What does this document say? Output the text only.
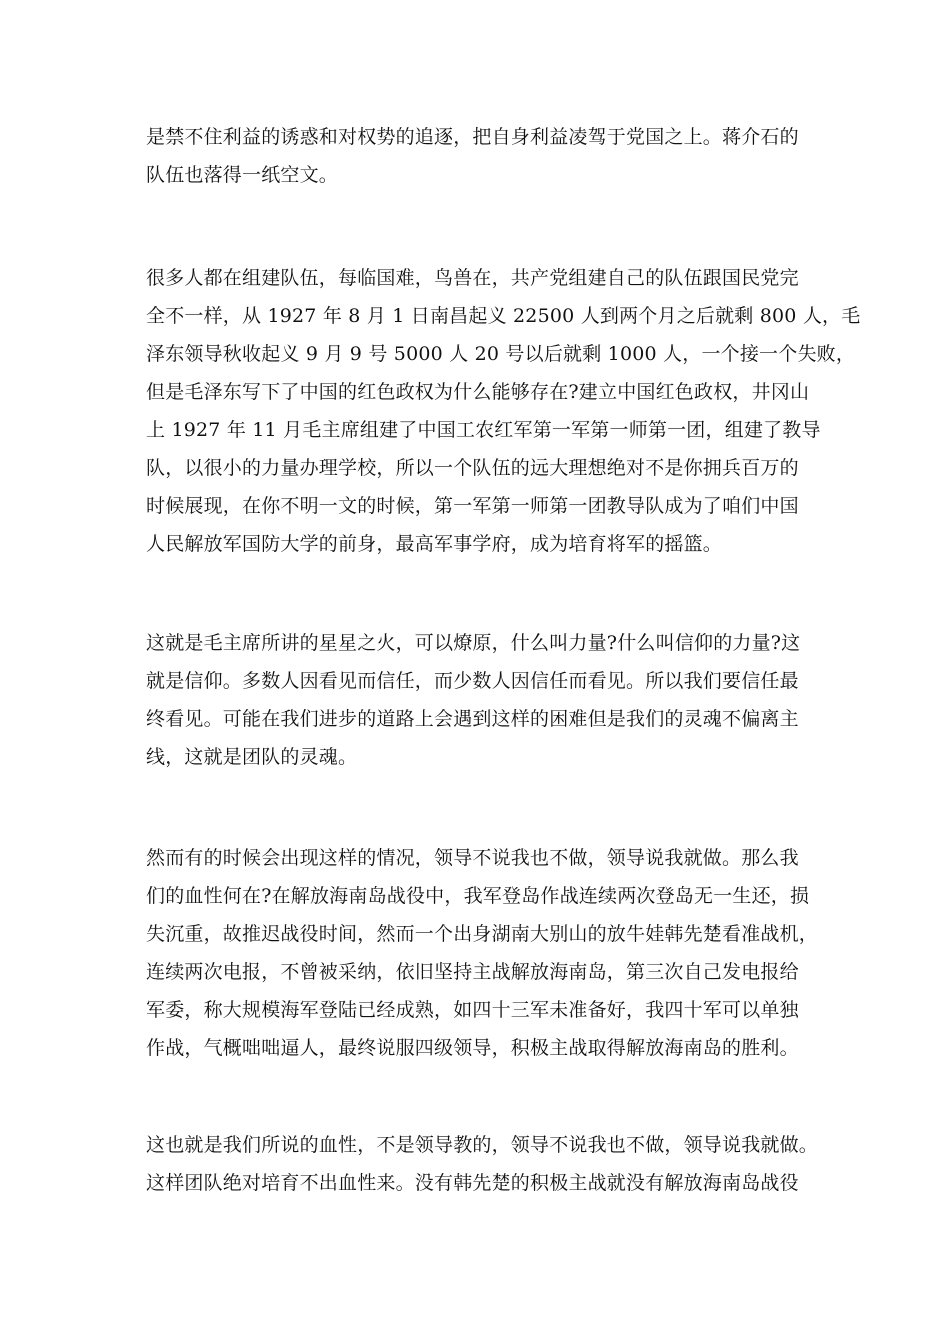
是禁不住利益的诱惑和对权势的追逐，把自身利益凌驾于党国之上。蒋介石的
队伍也落得一纸空文。
很多人都在组建队伍，每临国难，鸟兽在，共产党组建自己的队伍跟国民党完
全不一样，从 1927 年 8 月 1 日南昌起义 22500 人到两个月之后就剩 800 人，毛
泽东领导秋收起义 9 月 9 号 5000 人 20 号以后就剩 1000 人，一个接一个失败，
但是毛泽东写下了中国的红色政权为什么能够存在?建立中国红色政权，井冈山
上 1927 年 11 月毛主席组建了中国工农红军第一军第一师第一团，组建了教导
队，以很小的力量办理学校，所以一个队伍的远大理想绝对不是你拥兵百万的
时候展现，在你不明一文的时候，第一军第一师第一团教导队成为了咱们中国
人民解放军国防大学的前身，最高军事学府，成为培育将军的摇篮。
这就是毛主席所讲的星星之火，可以燎原，什么叫力量?什么叫信仰的力量?这
就是信仰。多数人因看见而信任，而少数人因信任而看见。所以我们要信任最
终看见。可能在我们进步的道路上会遇到这样的困难但是我们的灵魂不偏离主
线，这就是团队的灵魂。
然而有的时候会出现这样的情况，领导不说我也不做，领导说我就做。那么我
们的血性何在?在解放海南岛战役中，我军登岛作战连续两次登岛无一生还，损
失沉重，故推迟战役时间，然而一个出身湖南大别山的放牛娃韩先楚看准战机，
连续两次电报，不曾被采纳，依旧坚持主战解放海南岛，第三次自己发电报给
军委，称大规模海军登陆已经成熟，如四十三军未准备好，我四十军可以单独
作战，气概咄咄逼人，最终说服四级领导，积极主战取得解放海南岛的胜利。
这也就是我们所说的血性，不是领导教的，领导不说我也不做，领导说我就做。
这样团队绝对培育不出血性来。没有韩先楚的积极主战就没有解放海南岛战役
